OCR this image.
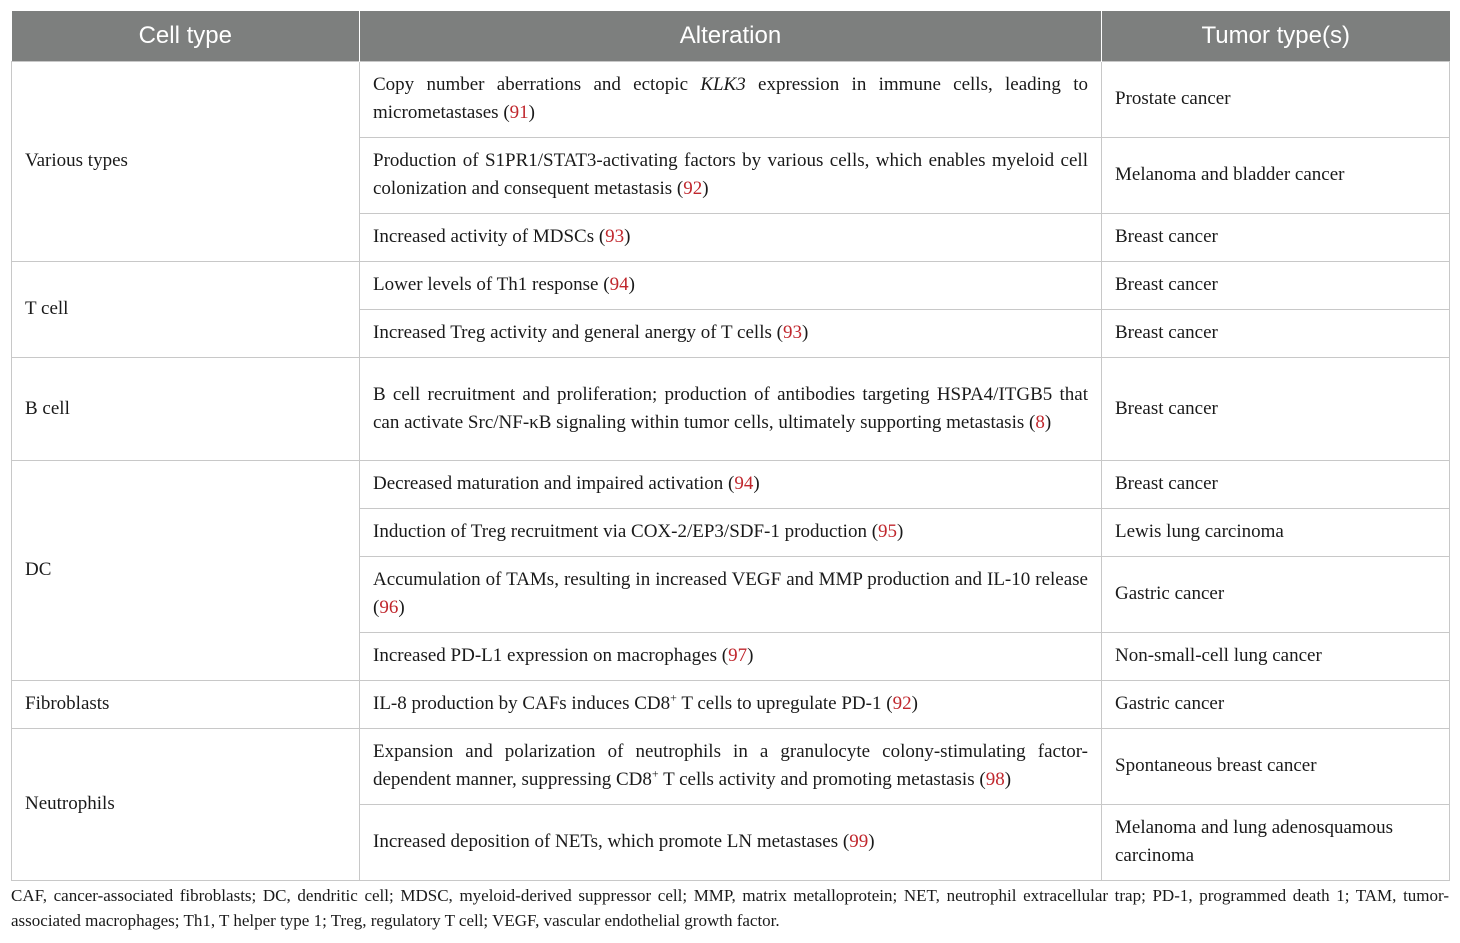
Cell type	Alteration	Tumor type(s)
Various types	Copy number aberrations and ectopic KLK3 expression in immune cells, leading to micrometastases (91)	Prostate cancer
	Production of S1PR1/STAT3-activating factors by various cells, which enables myeloid cell colonization and consequent metastasis (92)	Melanoma and bladder cancer
	Increased activity of MDSCs (93)	Breast cancer
T cell	Lower levels of Th1 response (94)	Breast cancer
	Increased Treg activity and general anergy of T cells (93)	Breast cancer
B cell	B cell recruitment and proliferation; production of antibodies targeting HSPA4/ITGB5 that can activate Src/NF-κB signaling within tumor cells, ultimately supporting metastasis (8)	Breast cancer
DC	Decreased maturation and impaired activation (94)	Breast cancer
	Induction of Treg recruitment via COX-2/EP3/SDF-1 production (95)	Lewis lung carcinoma
	Accumulation of TAMs, resulting in increased VEGF and MMP production and IL-10 release (96)	Gastric cancer
	Increased PD-L1 expression on macrophages (97)	Non-small-cell lung cancer
Fibroblasts	IL-8 production by CAFs induces CD8+ T cells to upregulate PD-1 (92)	Gastric cancer
Neutrophils	Expansion and polarization of neutrophils in a granulocyte colony-stimulating factor-dependent manner, suppressing CD8+ T cells activity and promoting metastasis (98)	Spontaneous breast cancer
	Increased deposition of NETs, which promote LN metastases (99)	Melanoma and lung adenosquamous carcinoma

CAF, cancer-associated fibroblasts; DC, dendritic cell; MDSC, myeloid-derived suppressor cell; MMP, matrix metalloprotein; NET, neutrophil extracellular trap; PD-1, programmed death 1; TAM, tumor-associated macrophages; Th1, T helper type 1; Treg, regulatory T cell; VEGF, vascular endothelial growth factor.
